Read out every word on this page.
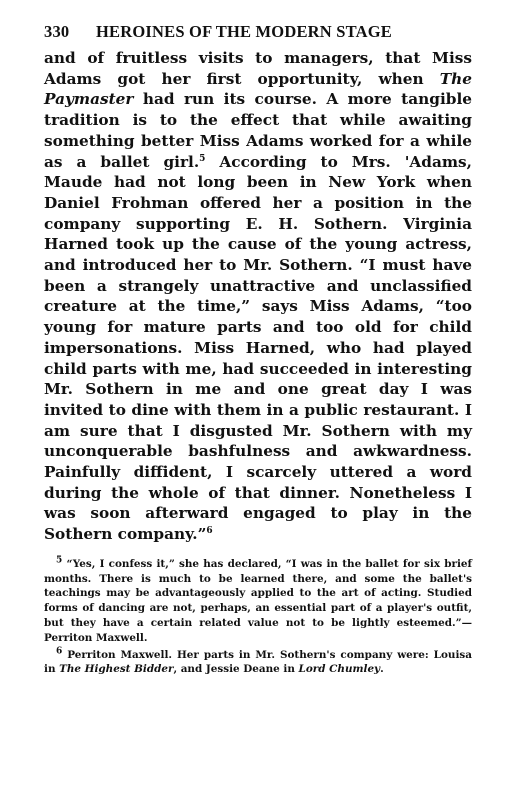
330	HEROINES OF THE MODERN STAGE

and of fruitless visits to managers, that Miss Adams got her first opportunity, when The Paymaster had run its course. A more tangible tradition is to the effect that while awaiting something better Miss Adams worked for a while as a ballet girl.$^5$ According to Mrs. 'Adams, Maude had not long been in New York when Daniel Frohman offered her a position in the company supporting E. H. Sothern. Virginia Harned took up the cause of the young actress, and introduced her to Mr. Sothern. “I must have been a strangely unattractive and unclassified creature at the time,” says Miss Adams, “too young for mature parts and too old for child impersonations. Miss Harned, who had played child parts with me, had succeeded in interesting Mr. Sothern in me and one great day I was invited to dine with them in a public restaurant. I am sure that I disgusted Mr. Sothern with my unconquerable bashfulness and awkwardness. Painfully diffident, I scarcely uttered a word during the whole of that dinner. Nonetheless I was soon afterward engaged to play in the Sothern company.”$^6$

$^5$ “Yes, I confess it,” she has declared, “I was in the ballet for six brief months. There is much to be learned there, and some the ballet's teachings may be advantageously applied to the art of acting. Studied forms of dancing are not, perhaps, an essential part of a player's outfit, but they have a certain related value not to be lightly esteemed.”—Perriton Maxwell.

$^6$ Perriton Maxwell. Her parts in Mr. Sothern's company were: Louisa in The Highest Bidder, and Jessie Deane in Lord Chumley.
